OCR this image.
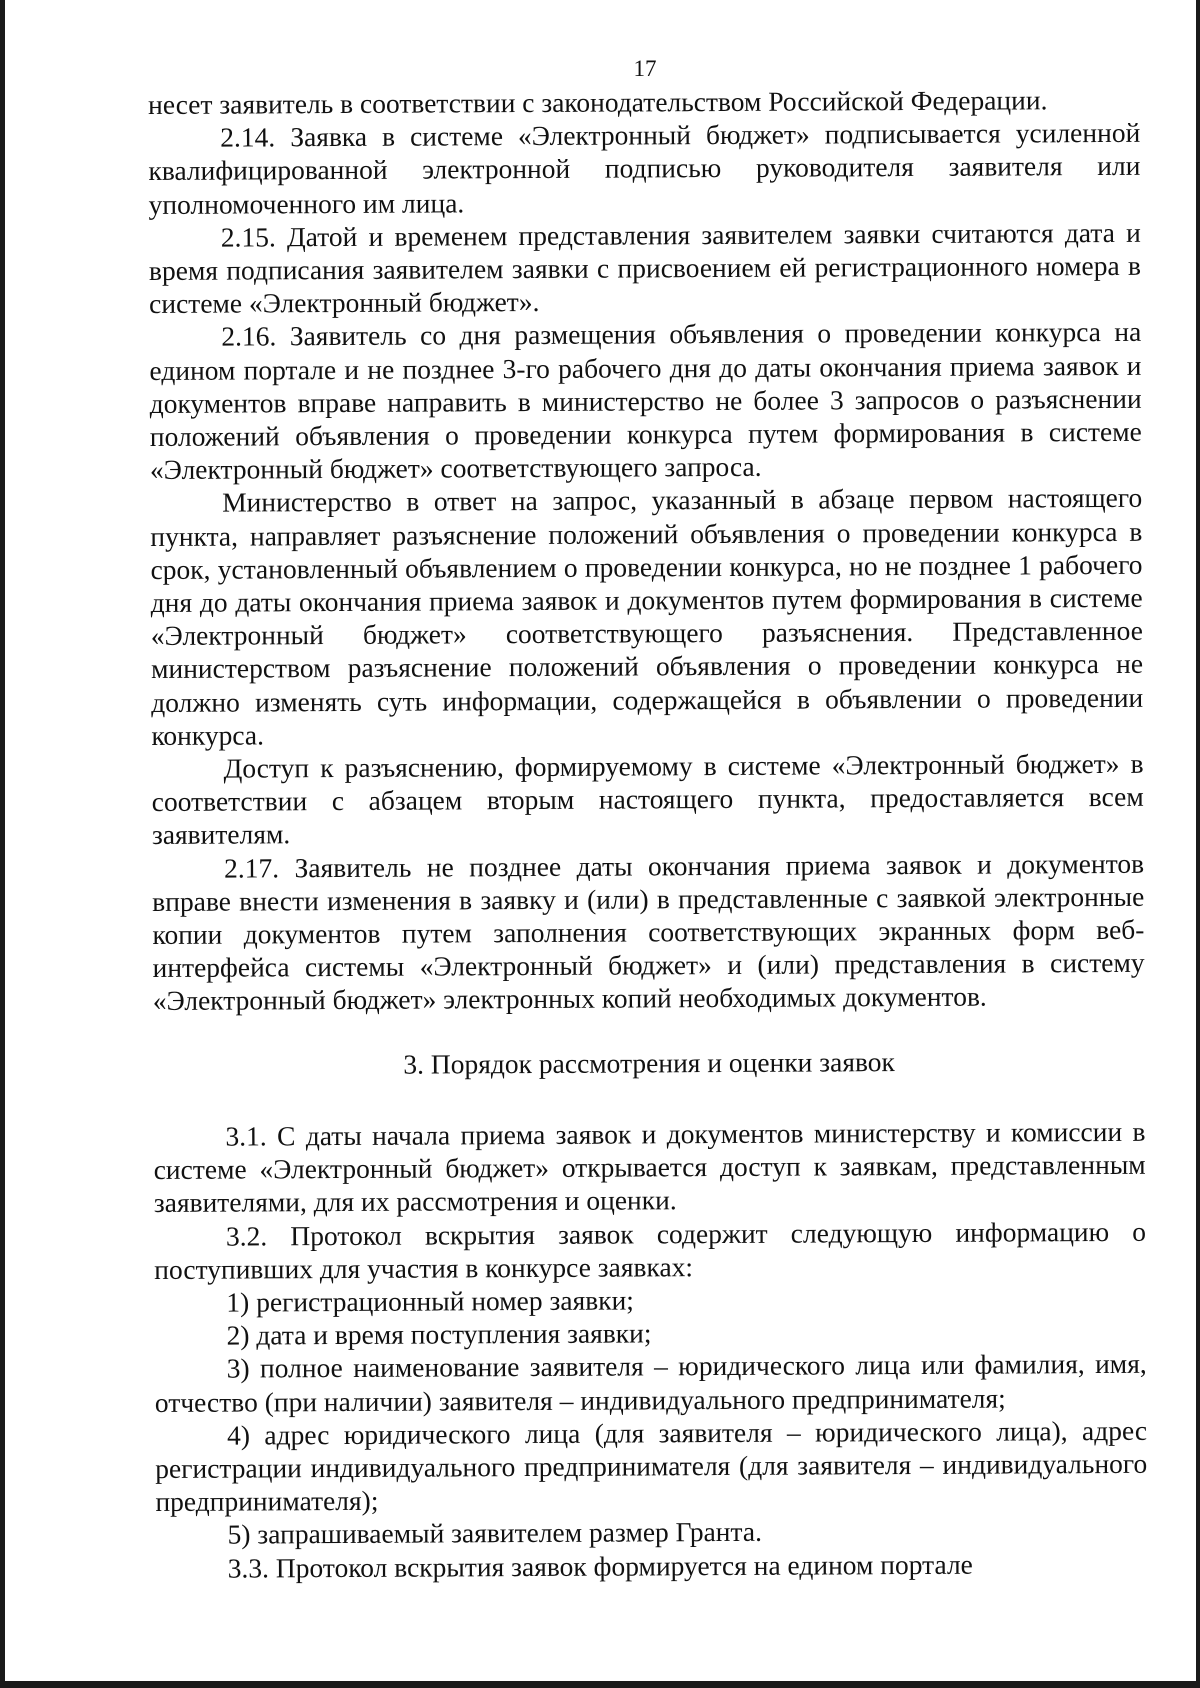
17

несет заявитель в соответствии с законодательством Российской Федерации.

2.14. Заявка в системе «Электронный бюджет» подписывается усиленной квалифицированной электронной подписью руководителя заявителя или уполномоченного им лица.

2.15. Датой и временем представления заявителем заявки считаются дата и время подписания заявителем заявки с присвоением ей регистрационного номера в системе «Электронный бюджет».

2.16. Заявитель со дня размещения объявления о проведении конкурса на едином портале и не позднее 3-го рабочего дня до даты окончания приема заявок и документов вправе направить в министерство не более 3 запросов о разъяснении положений объявления о проведении конкурса путем формирования в системе «Электронный бюджет» соответствующего запроса.

Министерство в ответ на запрос, указанный в абзаце первом настоящего пункта, направляет разъяснение положений объявления о проведении конкурса в срок, установленный объявлением о проведении конкурса, но не позднее 1 рабочего дня до даты окончания приема заявок и документов путем формирования в системе «Электронный бюджет» соответствующего разъяснения. Представленное министерством разъяснение положений объявления о проведении конкурса не должно изменять суть информации, содержащейся в объявлении о проведении конкурса.

Доступ к разъяснению, формируемому в системе «Электронный бюджет» в соответствии с абзацем вторым настоящего пункта, предоставляется всем заявителям.

2.17. Заявитель не позднее даты окончания приема заявок и документов вправе внести изменения в заявку и (или) в представленные с заявкой электронные копии документов путем заполнения соответствующих экранных форм веб-интерфейса системы «Электронный бюджет» и (или) представления в систему «Электронный бюджет» электронных копий необходимых документов.

3. Порядок рассмотрения и оценки заявок

3.1. С даты начала приема заявок и документов министерству и комиссии в системе «Электронный бюджет» открывается доступ к заявкам, представленным заявителями, для их рассмотрения и оценки.

3.2. Протокол вскрытия заявок содержит следующую информацию о поступивших для участия в конкурсе заявках:

1) регистрационный номер заявки;

2) дата и время поступления заявки;

3) полное наименование заявителя – юридического лица или фамилия, имя, отчество (при наличии) заявителя – индивидуального предпринимателя;

4) адрес юридического лица (для заявителя – юридического лица), адрес регистрации индивидуального предпринимателя (для заявителя – индивидуального предпринимателя);

5) запрашиваемый заявителем размер Гранта.

3.3. Протокол вскрытия заявок формируется на едином портале
